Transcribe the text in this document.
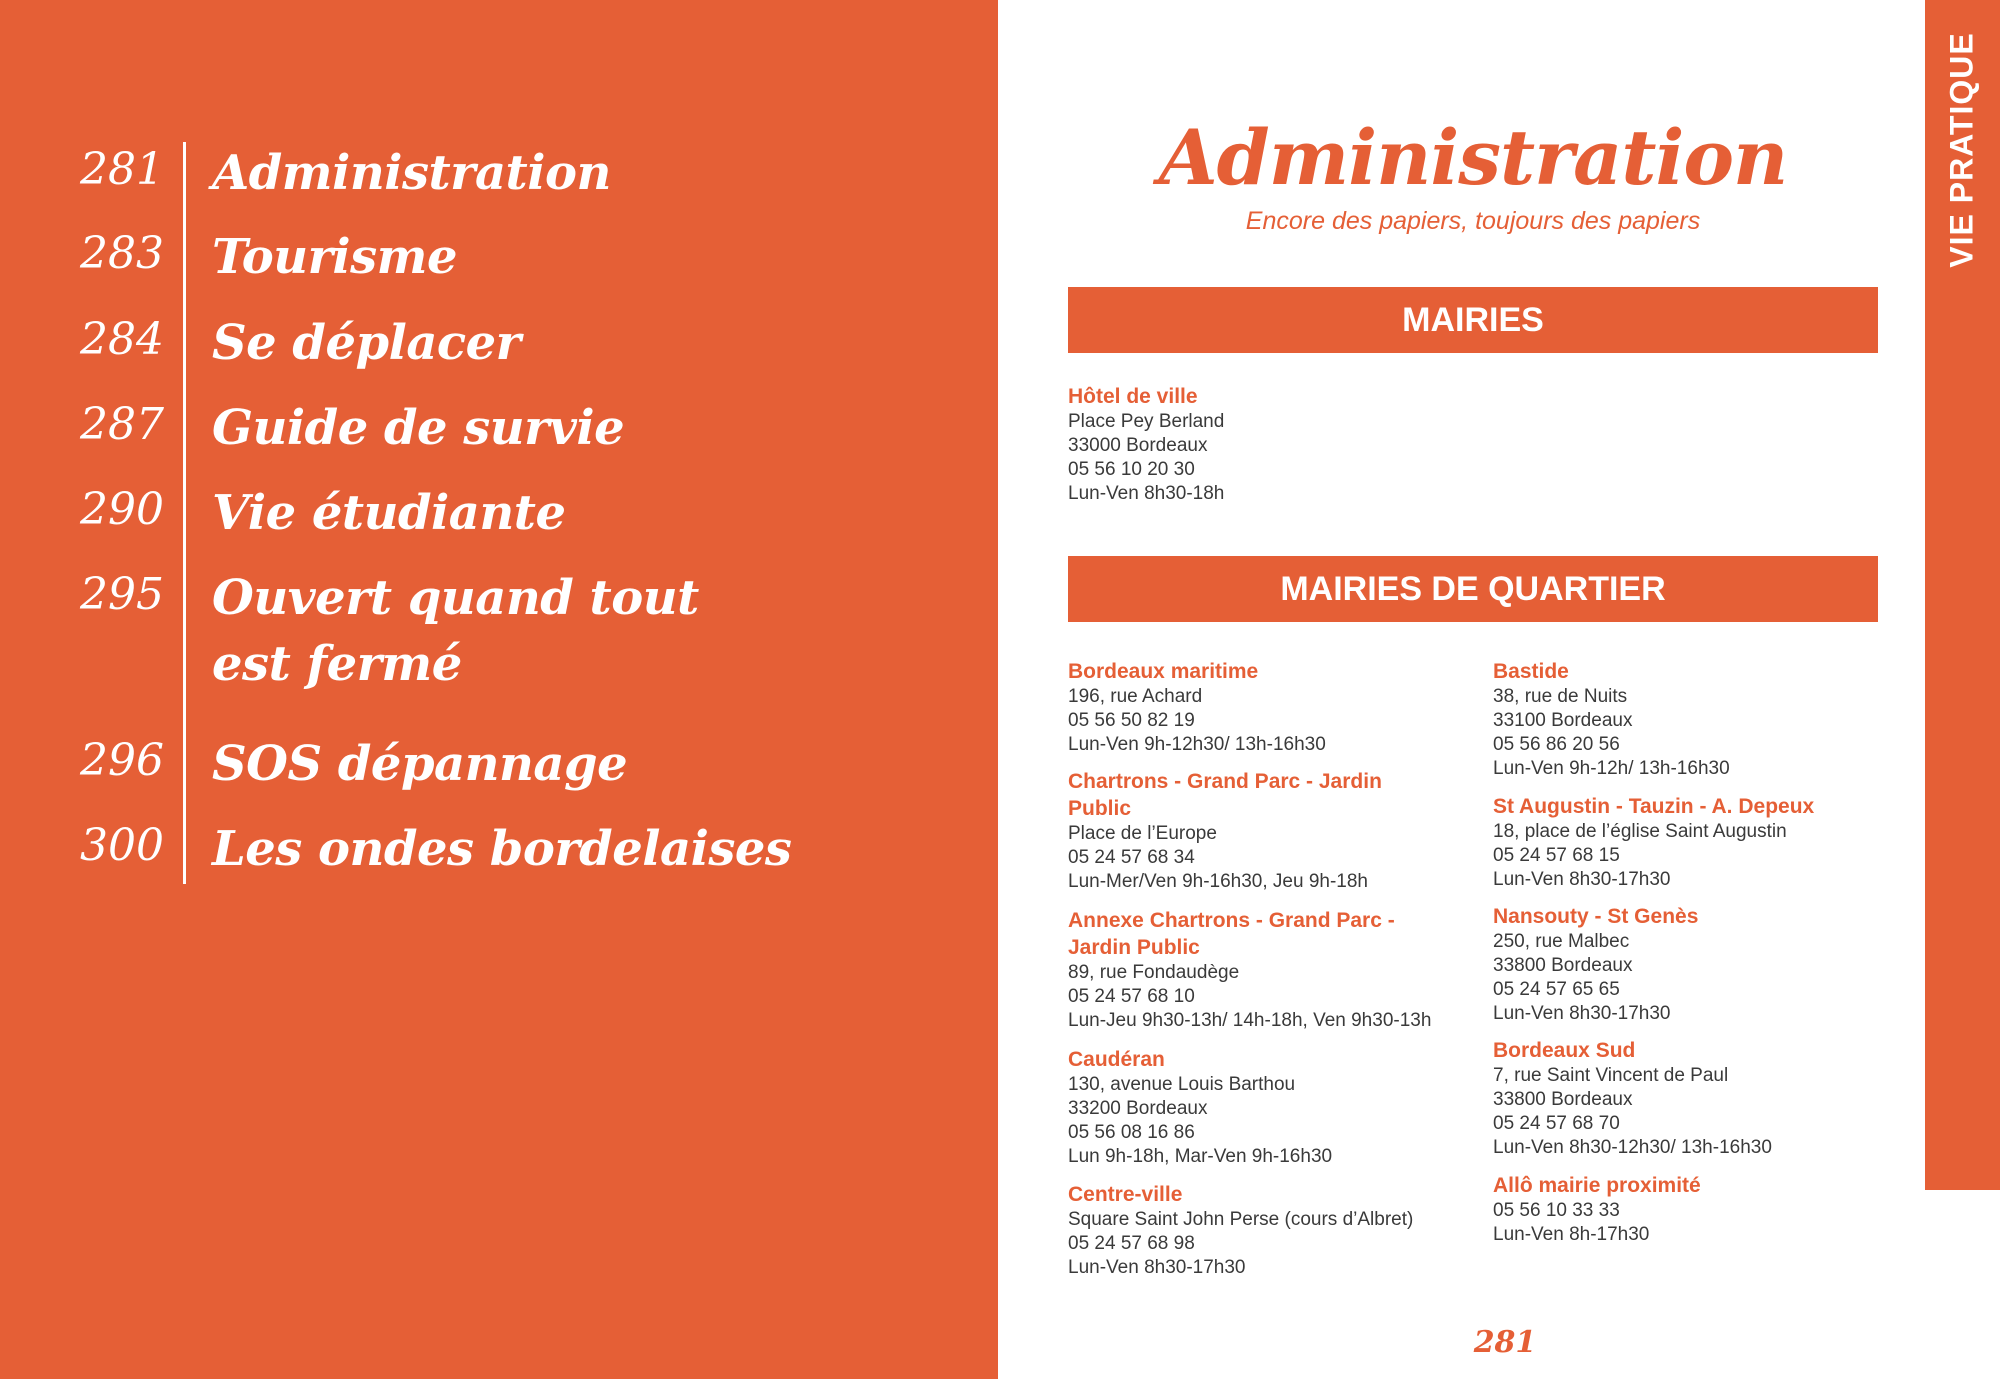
281 Administration
283 Tourisme
284 Se déplacer
287 Guide de survie
290 Vie étudiante
295 Ouvert quand tout
est fermé
296 SOS dépannage
300 Les ondes bordelaises
VIE PRATIQUE
Administration
Encore des papiers, toujours des papiers
MAIRIES
MAIRIES DE QUARTIER
Hôtel de ville
Place Pey Berland
33000 Bordeaux
05 56 10 20 30
Lun-Ven 8h30-18h
Bordeaux maritime
196, rue Achard
05 56 50 82 19
Lun-Ven 9h-12h30/ 13h-16h30
Chartrons - Grand Parc - Jardin
Public
Place de l’Europe
05 24 57 68 34
Lun-Mer/Ven 9h-16h30, Jeu 9h-18h
Annexe Chartrons - Grand Parc -
Jardin Public
89, rue Fondaudège
05 24 57 68 10
Lun-Jeu 9h30-13h/ 14h-18h, Ven 9h30-13h
Caudéran
130, avenue Louis Barthou
33200 Bordeaux
05 56 08 16 86
Lun 9h-18h, Mar-Ven 9h-16h30
Centre-ville
Square Saint John Perse (cours d’Albret)
05 24 57 68 98
Lun-Ven 8h30-17h30
Bastide
38, rue de Nuits
33100 Bordeaux
05 56 86 20 56
Lun-Ven 9h-12h/ 13h-16h30
St Augustin - Tauzin - A. Depeux
18, place de l’église Saint Augustin
05 24 57 68 15
Lun-Ven 8h30-17h30
Nansouty - St Genès
250, rue Malbec
33800 Bordeaux
05 24 57 65 65
Lun-Ven 8h30-17h30
Bordeaux Sud
7, rue Saint Vincent de Paul
33800 Bordeaux
05 24 57 68 70
Lun-Ven 8h30-12h30/ 13h-16h30
Allô mairie proximité
05 56 10 33 33
Lun-Ven 8h-17h30
281
